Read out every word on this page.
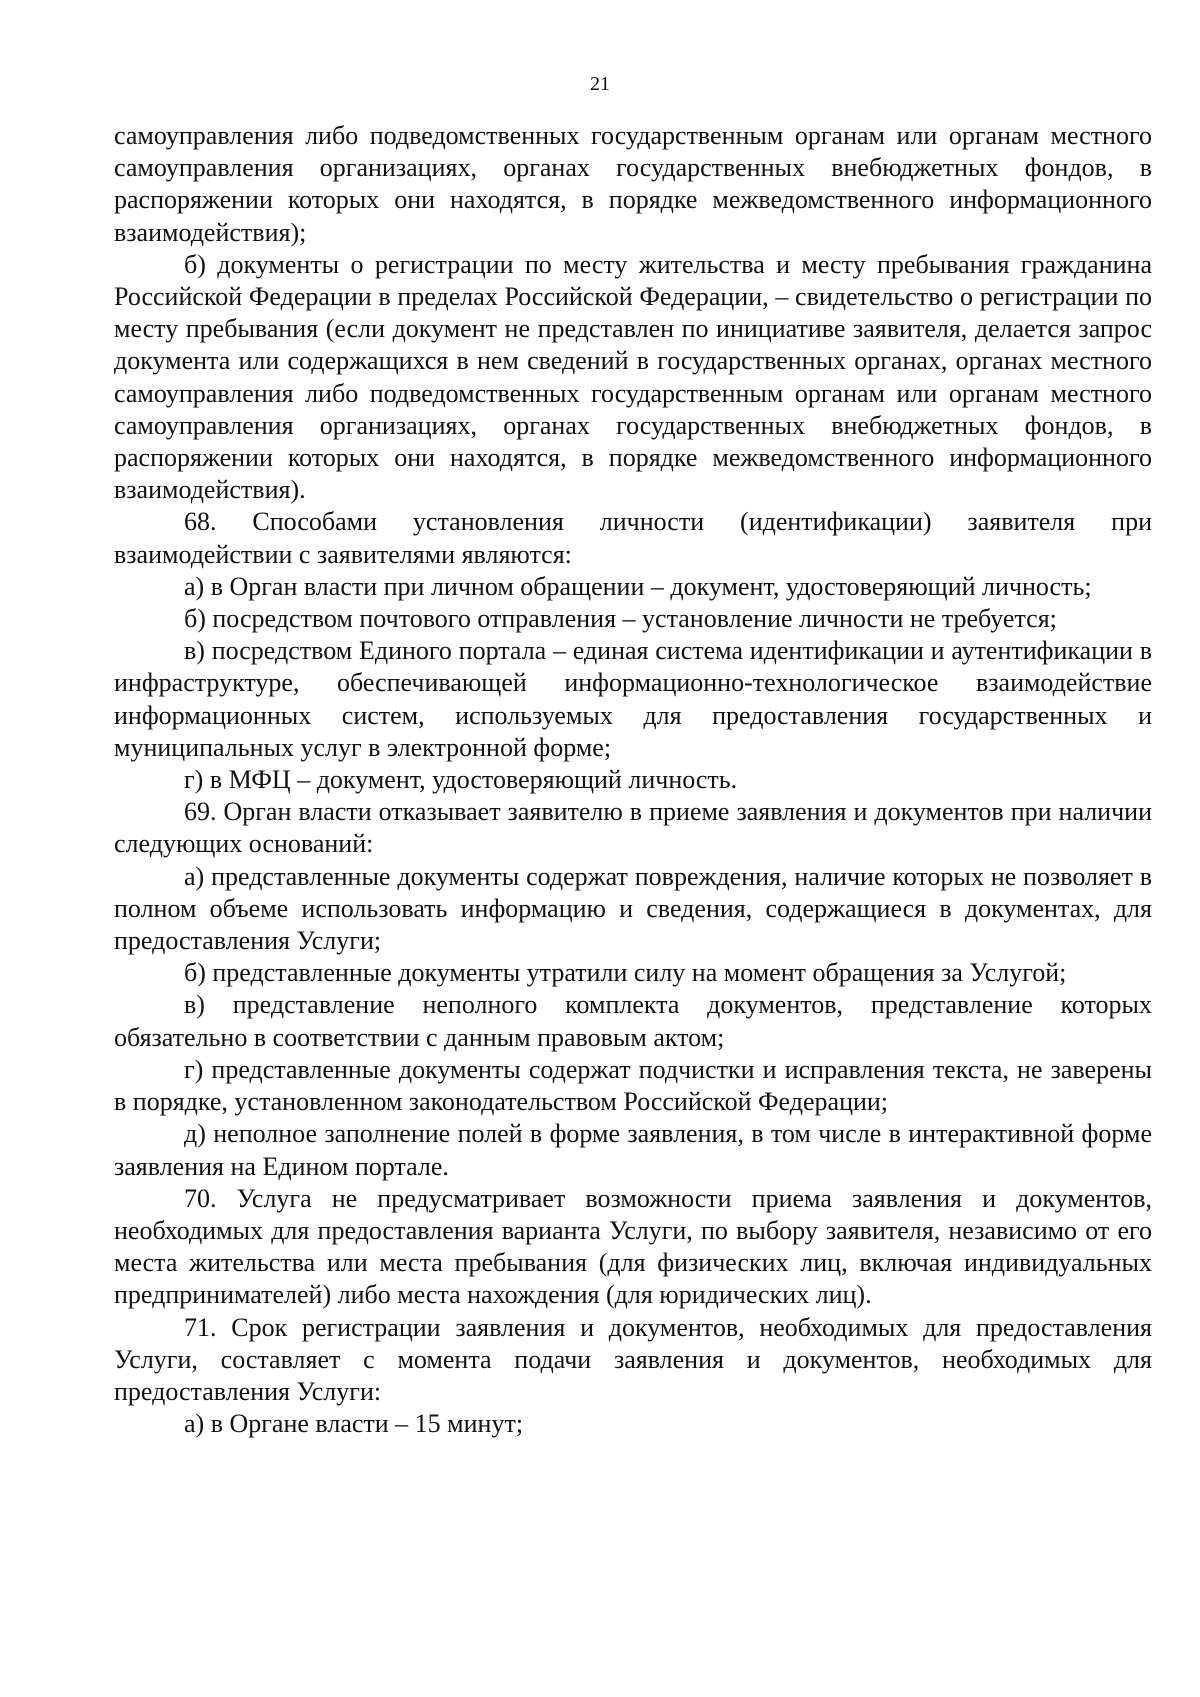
21

самоуправления либо подведомственных государственным органам или органам местного самоуправления организациях, органах государственных внебюджетных фондов, в распоряжении которых они находятся, в порядке межведомственного информационного взаимодействия);

б) документы о регистрации по месту жительства и месту пребывания гражданина Российской Федерации в пределах Российской Федерации, – свидетельство о регистрации по месту пребывания (если документ не представлен по инициативе заявителя, делается запрос документа или содержащихся в нем сведений в государственных органах, органах местного самоуправления либо подведомственных государственным органам или органам местного самоуправления организациях, органах государственных внебюджетных фондов, в распоряжении которых они находятся, в порядке межведомственного информационного взаимодействия).

68. Способами установления личности (идентификации) заявителя при взаимодействии с заявителями являются:

а) в Орган власти при личном обращении – документ, удостоверяющий личность;

б) посредством почтового отправления – установление личности не требуется;

в) посредством Единого портала – единая система идентификации и аутентификации в инфраструктуре, обеспечивающей информационно-технологическое взаимодействие информационных систем, используемых для предоставления государственных и муниципальных услуг в электронной форме;

г) в МФЦ – документ, удостоверяющий личность.

69. Орган власти отказывает заявителю в приеме заявления и документов при наличии следующих оснований:

а) представленные документы содержат повреждения, наличие которых не позволяет в полном объеме использовать информацию и сведения, содержащиеся в документах, для предоставления Услуги;

б) представленные документы утратили силу на момент обращения за Услугой;

в) представление неполного комплекта документов, представление которых обязательно в соответствии с данным правовым актом;

г) представленные документы содержат подчистки и исправления текста, не заверены в порядке, установленном законодательством Российской Федерации;

д) неполное заполнение полей в форме заявления, в том числе в интерактивной форме заявления на Едином портале.

70. Услуга не предусматривает возможности приема заявления и документов, необходимых для предоставления варианта Услуги, по выбору заявителя, независимо от его места жительства или места пребывания (для физических лиц, включая индивидуальных предпринимателей) либо места нахождения (для юридических лиц).

71. Срок регистрации заявления и документов, необходимых для предоставления Услуги, составляет с момента подачи заявления и документов, необходимых для предоставления Услуги:

а) в Органе власти – 15 минут;
